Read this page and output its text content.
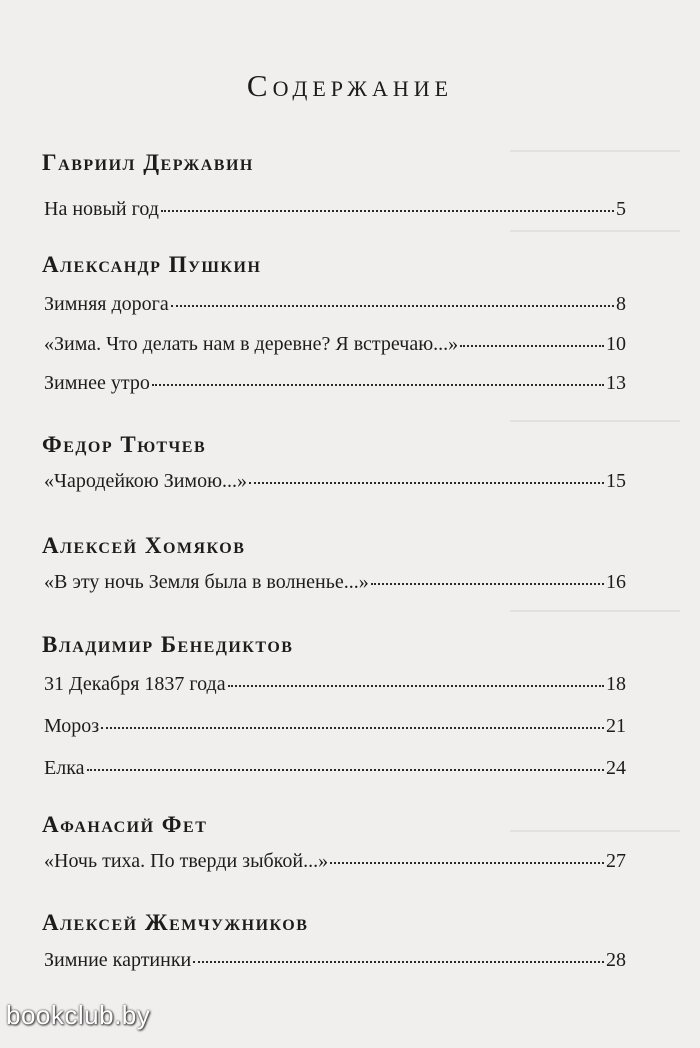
Содержание
Гавриил Державин
На новый год	5
Александр Пушкин
Зимняя дорога	8
«Зима. Что делать нам в деревне? Я встречаю...»	10
Зимнее утро	13
Федор Тютчев
«Чародейкою Зимою...»	15
Алексей Хомяков
«В эту ночь Земля была в волненье...»	16
Владимир Бенедиктов
31 Декабря 1837 года	18
Мороз	21
Елка	24
Афанасий Фет
«Ночь тиха. По тверди зыбкой...»	27
Алексей Жемчужников
Зимние картинки	28
bookclub.by
